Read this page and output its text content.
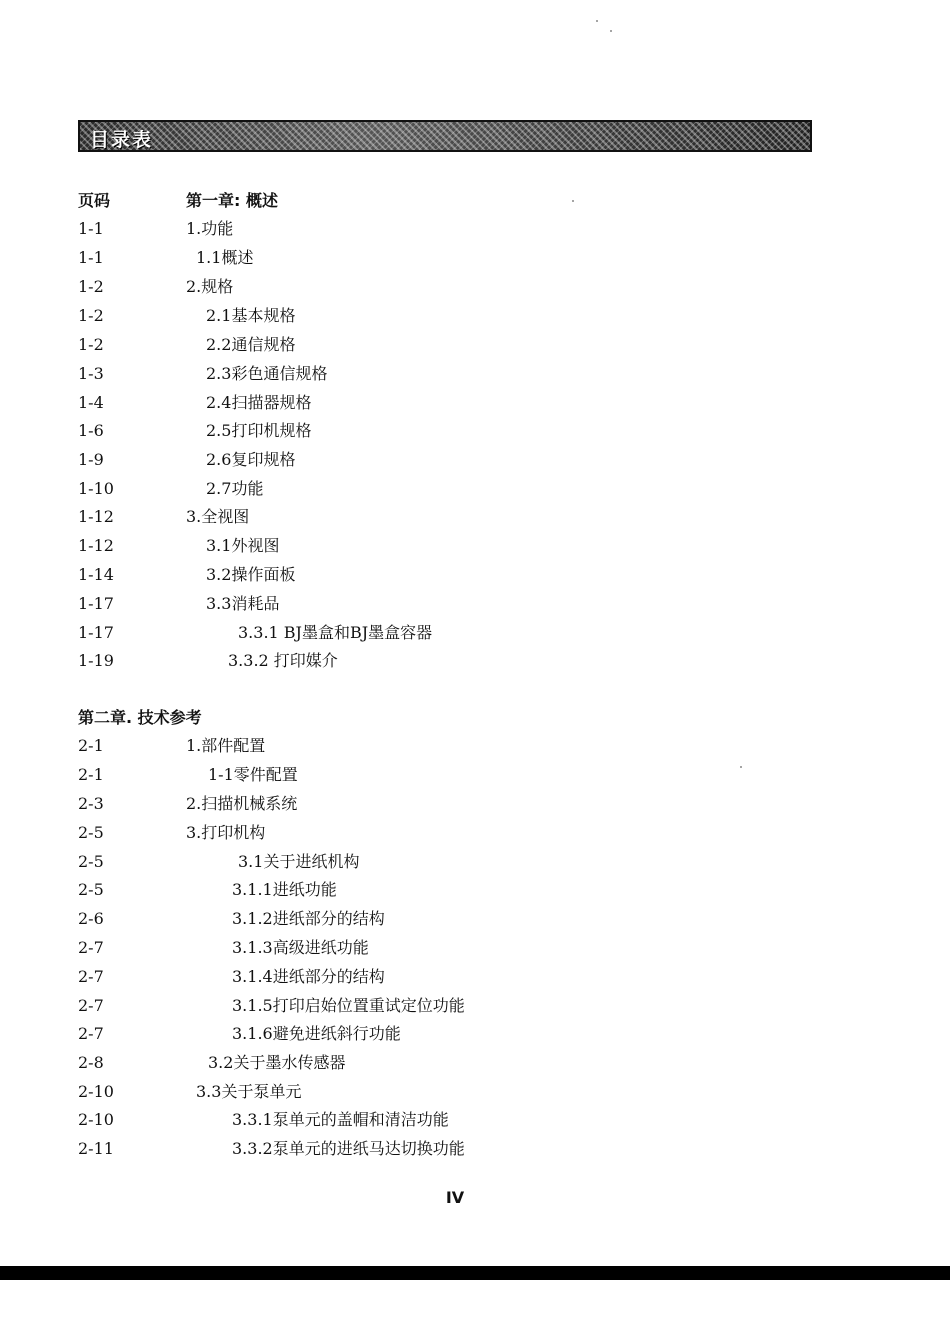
目录表
页码	第一章: 概述
1-1	1.功能
1-1	1.1概述
1-2	2.规格
1-2	2.1基本规格
1-2	2.2通信规格
1-3	2.3彩色通信规格
1-4	2.4扫描器规格
1-6	2.5打印机规格
1-9	2.6复印规格
1-10	2.7功能
1-12	3.全视图
1-12	3.1外视图
1-14	3.2操作面板
1-17	3.3消耗品
1-17	3.3.1 BJ墨盒和BJ墨盒容器
1-19	3.3.2 打印媒介
第二章. 技术参考
2-1	1.部件配置
2-1	1-1零件配置
2-3	2.扫描机械系统
2-5	3.打印机构
2-5	3.1关于进纸机构
2-5	3.1.1进纸功能
2-6	3.1.2进纸部分的结构
2-7	3.1.3高级进纸功能
2-7	3.1.4进纸部分的结构
2-7	3.1.5打印启始位置重试定位功能
2-7	3.1.6避免进纸斜行功能
2-8	3.2关于墨水传感器
2-10	3.3关于泵单元
2-10	3.3.1泵单元的盖帽和清洁功能
2-11	3.3.2泵单元的进纸马达切换功能
IV
